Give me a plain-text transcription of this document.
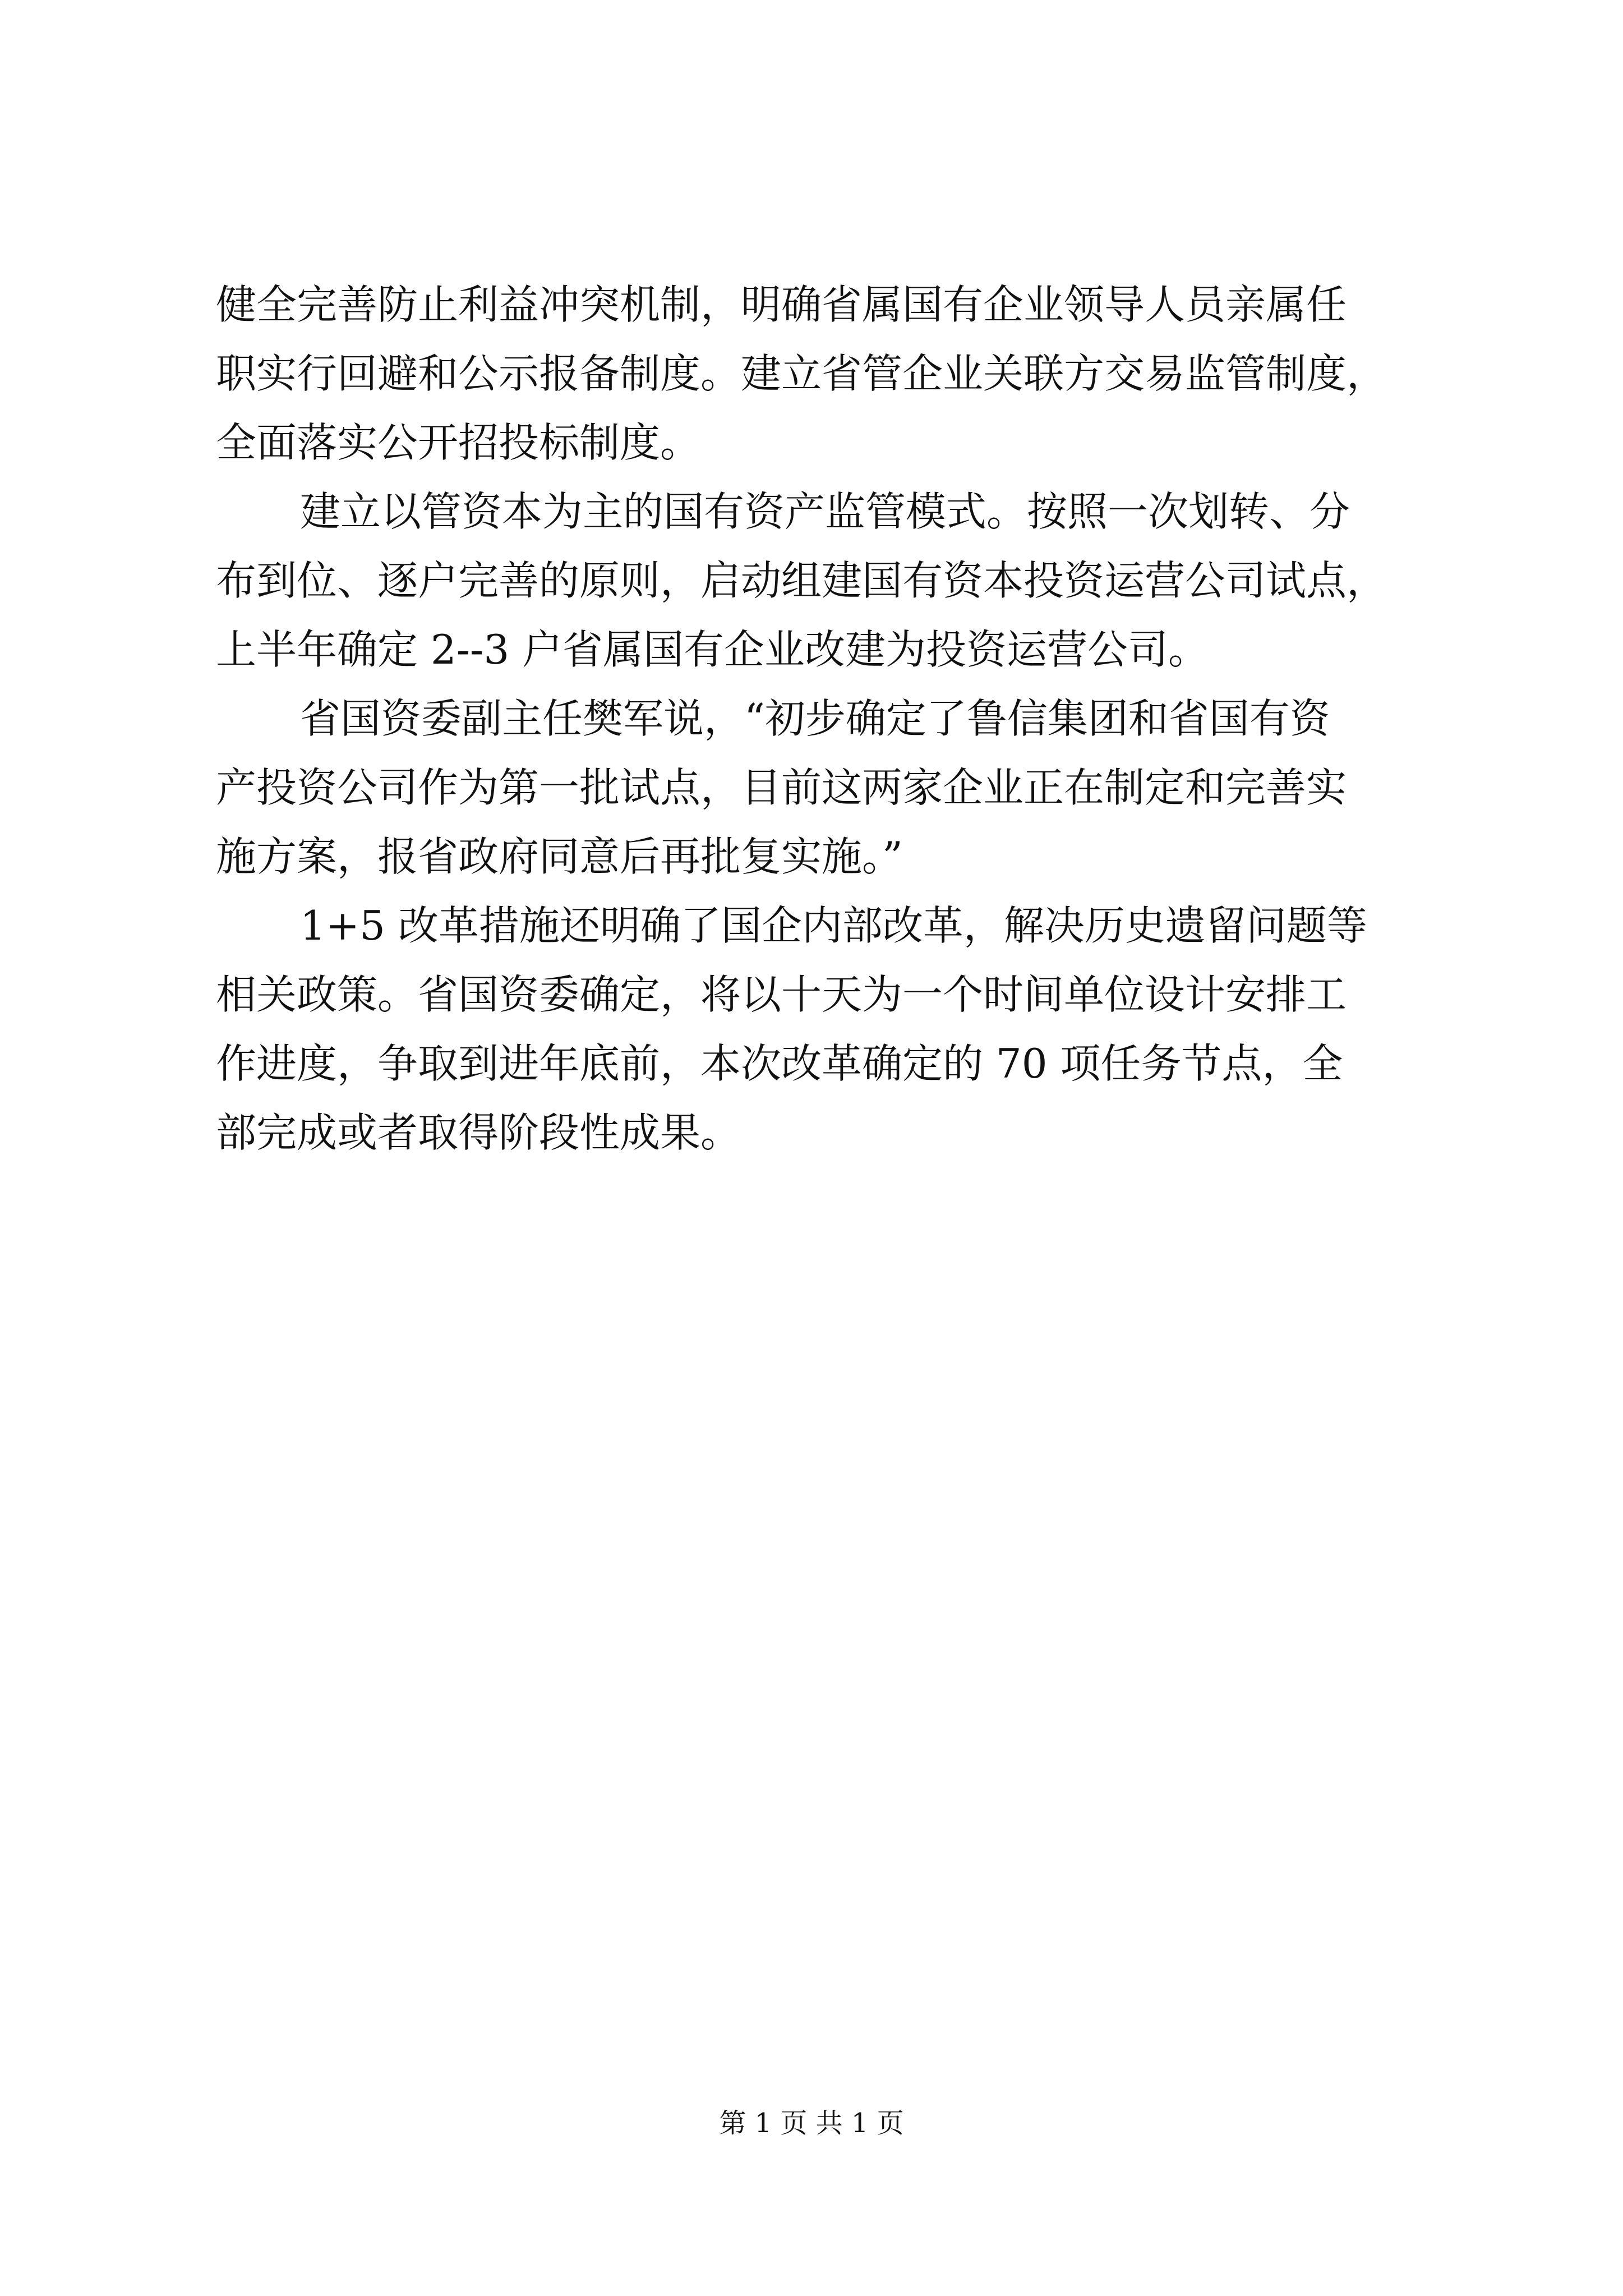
健全完善防止利益冲突机制，明确省属国有企业领导人员亲属任
职实行回避和公示报备制度。建立省管企业关联方交易监管制度，
全面落实公开招投标制度。
建立以管资本为主的国有资产监管模式。按照一次划转、分
布到位、逐户完善的原则，启动组建国有资本投资运营公司试点，
上半年确定 2--3 户省属国有企业改建为投资运营公司。
省国资委副主任樊军说，“初步确定了鲁信集团和省国有资
产投资公司作为第一批试点，目前这两家企业正在制定和完善实
施方案，报省政府同意后再批复实施。”
1+5 改革措施还明确了国企内部改革，解决历史遗留问题等
相关政策。省国资委确定，将以十天为一个时间单位设计安排工
作进度，争取到进年底前，本次改革确定的 70 项任务节点，全
部完成或者取得阶段性成果。
第 1 页 共 1 页
